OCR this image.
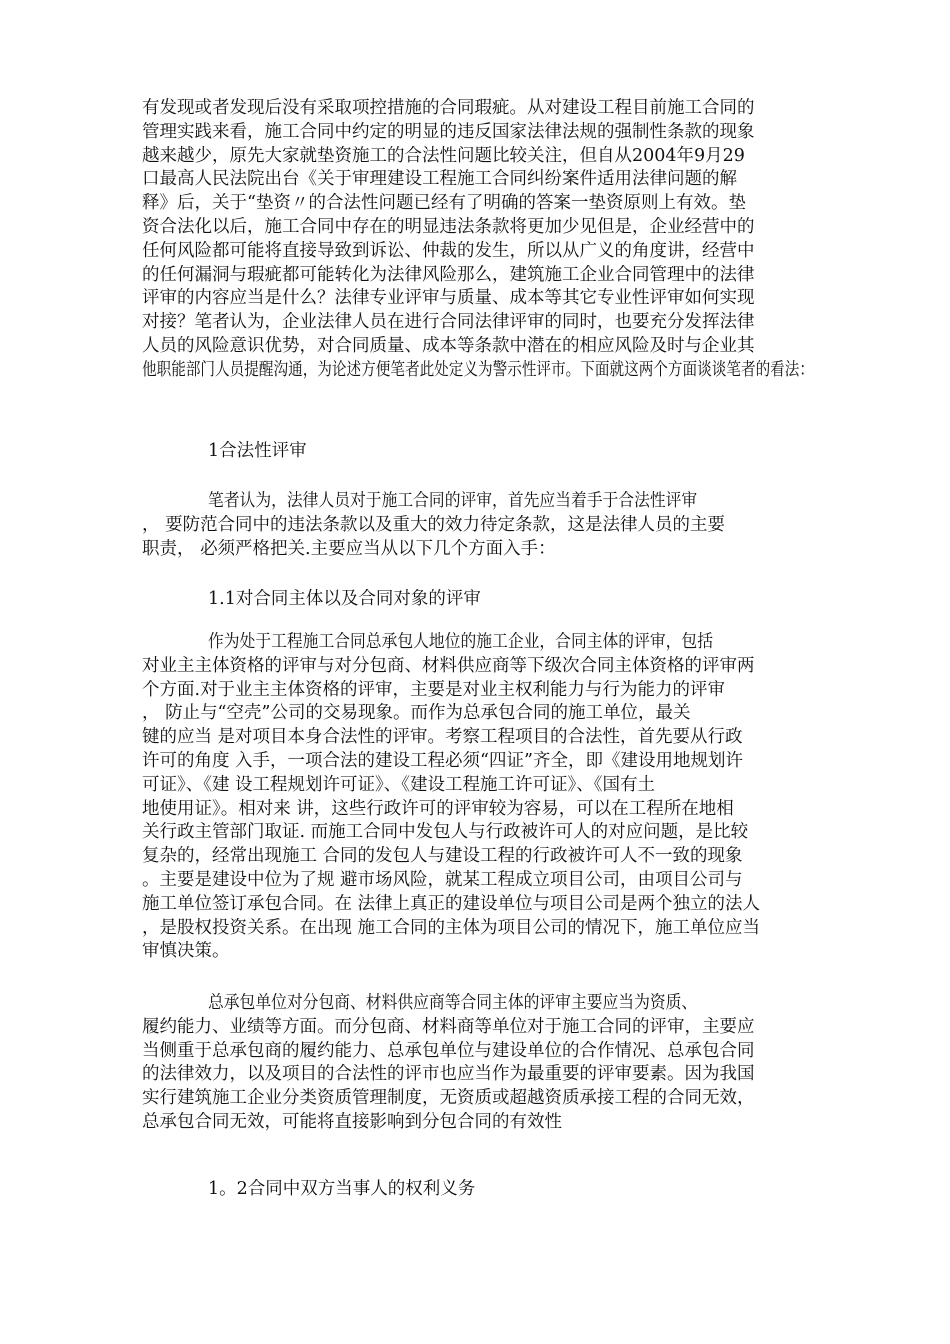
有发现或者发现后没有采取项控措施的合同瑕疵。从对建设工程目前施工合同的
管理实践来看，施工合同中约定的明显的违反国家法律法规的强制性条款的现象
越来越少，原先大家就垫资施工的合法性问题比较关注，但自从2004年9月29
口最高人民法院出台《关于审理建设工程施工合同纠纷案件适用法律问题的解
释》后，关于“垫资〃的合法性问题已经有了明确的答案一垫资原则上有效。垫
资合法化以后，施工合同中存在的明显违法条款将更加少见但是，企业经营中的
任何风险都可能将直接导致到诉讼、仲裁的发生，所以从广义的角度讲，经营中
的任何漏洞与瑕疵都可能转化为法律风险那么，建筑施工企业合同管理中的法律
评审的内容应当是什么？法律专业评审与质量、成本等其它专业性评审如何实现
对接？笔者认为，企业法律人员在进行合同法律评审的同时，也要充分发挥法律
人员的风险意识优势，对合同质量、成本等条款中潜在的相应风险及时与企业其
他职能部门人员提醒沟通，为论述方便笔者此处定义为警示性评市。下面就这两个方面谈谈笔者的看法：

1合法性评审

笔者认为，法律人员对于施工合同的评审，首先应当着手于合法性评审
， 要防范合同中的违法条款以及重大的效力待定条款，这是法律人员的主要
职责， 必须严格把关.主要应当从以下几个方面入手：

1.1对合同主体以及合同对象的评审

作为处于工程施工合同总承包人地位的施工企业，合同主体的评审，包括
对业主主体资格的评审与对分包商、材料供应商等下级次合同主体资格的评审两
个方面.对于业主主体资格的评审，主要是对业主权利能力与行为能力的评审
， 防止与“空壳”公司的交易现象。而作为总承包合同的施工单位，最关
键的应当 是对项目本身合法性的评审。考察工程项目的合法性，首先要从行政
许可的角度 入手，一项合法的建设工程必须“四证”齐全，即《建设用地规划许
可证》、《建 设工程规划许可证》、《建设工程施工许可证》、《国有土
地使用证》。相对来 讲，这些行政许可的评审较为容易，可以在工程所在地相
关行政主管部门取证. 而施工合同中发包人与行政被许可人的对应问题，是比较
复杂的，经常出现施工 合同的发包人与建设工程的行政被许可人不一致的现象
。主要是建设中位为了规 避市场风险，就某工程成立项目公司，由项目公司与
施工单位签订承包合同。在 法律上真正的建设单位与项目公司是两个独立的法人
，是股权投资关系。在出现 施工合同的主体为项目公司的情况下，施工单位应当
审慎决策。

总承包单位对分包商、材料供应商等合同主体的评审主要应当为资质、
履约能力、业绩等方面。而分包商、材料商等单位对于施工合同的评审，主要应
当侧重于总承包商的履约能力、总承包单位与建设单位的合作情况、总承包合同
的法律效力，以及项目的合法性的评市也应当作为最重要的评审要素。因为我国
实行建筑施工企业分类资质管理制度，无资质或超越资质承接工程的合同无效，
总承包合同无效，可能将直接影响到分包合同的有效性

1。2合同中双方当事人的权利义务
